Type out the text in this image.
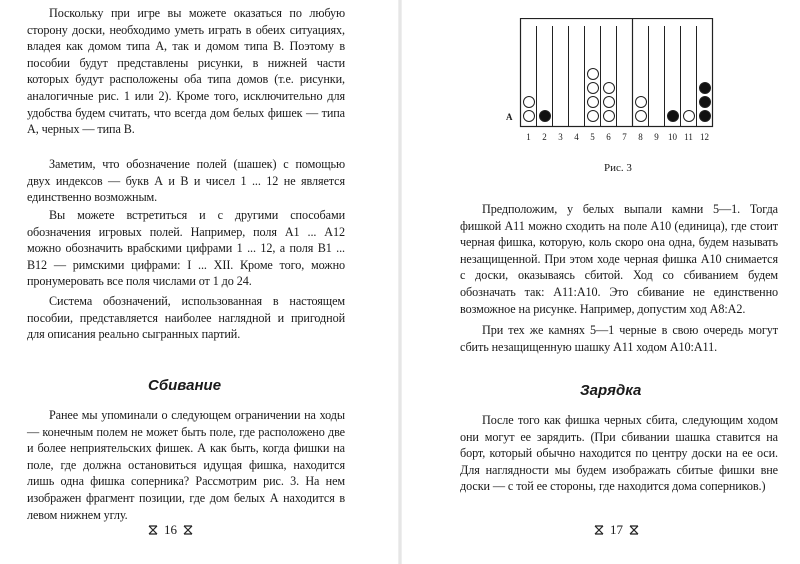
Поскольку при игре вы можете оказаться по любую сторону доски, необходимо уметь играть в обеих ситуациях, владея как домом типа А, так и домом типа В. Поэтому в пособии будут представлены рисунки, в нижней части которых будут расположены оба типа домов (т.е. рисунки, аналогичные рис. 1 или 2). Кроме того, исключительно для удобства будем считать, что всегда дом белых фишек — типа А, черных — типа В.

Заметим, что обозначение полей (шашек) с помощью двух индексов — букв А и В и чисел 1 ... 12 не является единственно возможным.

Вы можете встретиться и с другими способами обозначения игровых полей. Например, поля А1 ... А12 можно обозначить врабскими цифрами 1 ... 12, а поля В1 ... В12 — римскими цифрами: I ... XII. Кроме того, можно пронумеровать все поля числами от 1 до 24.

Система обозначений, использованная в настоящем пособии, представляется наиболее наглядной и пригодной для описания реально сыгранных партий.

Сбивание

Ранее мы упоминали о следующем ограничении на ходы — конечным полем не может быть поле, где расположено две и более неприятельских фишек. А как быть, когда фишки на поле, где должна остановиться идущая фишка, находится лишь одна фишка соперника? Рассмотрим рис. 3. На нем изображен фрагмент позиции, где дом белых А находится в левом нижнем углу.

16
А
1	2	3	4	5	6	7	8	9	10 11 12
Рис. 3

Предположим, у белых выпали камни 5—1. Тогда фишкой А11 можно сходить на поле А10 (единица), где стоит черная фишка, которую, коль скоро она одна, будем называть незащищенной. При этом ходе черная фишка А10 снимается с доски, оказываясь сбитой. Ход со сбиванием будем обозначать так: А11:А10. Это сбивание не единственно возможное на рисунке. Например, допустим ход А8:А2.

При тех же камнях 5—1 черные в свою очередь могут сбить незащищенную шашку А11 ходом А10:А11.

Зарядка

После того как фишка черных сбита, следующим ходом они могут ее зарядить. (При сбивании шашка ставится на борт, который обычно находится по центру доски на ее оси. Для наглядности мы будем изображать сбитые фишки вне доски — с той ее стороны, где находится дома соперников.)

17
